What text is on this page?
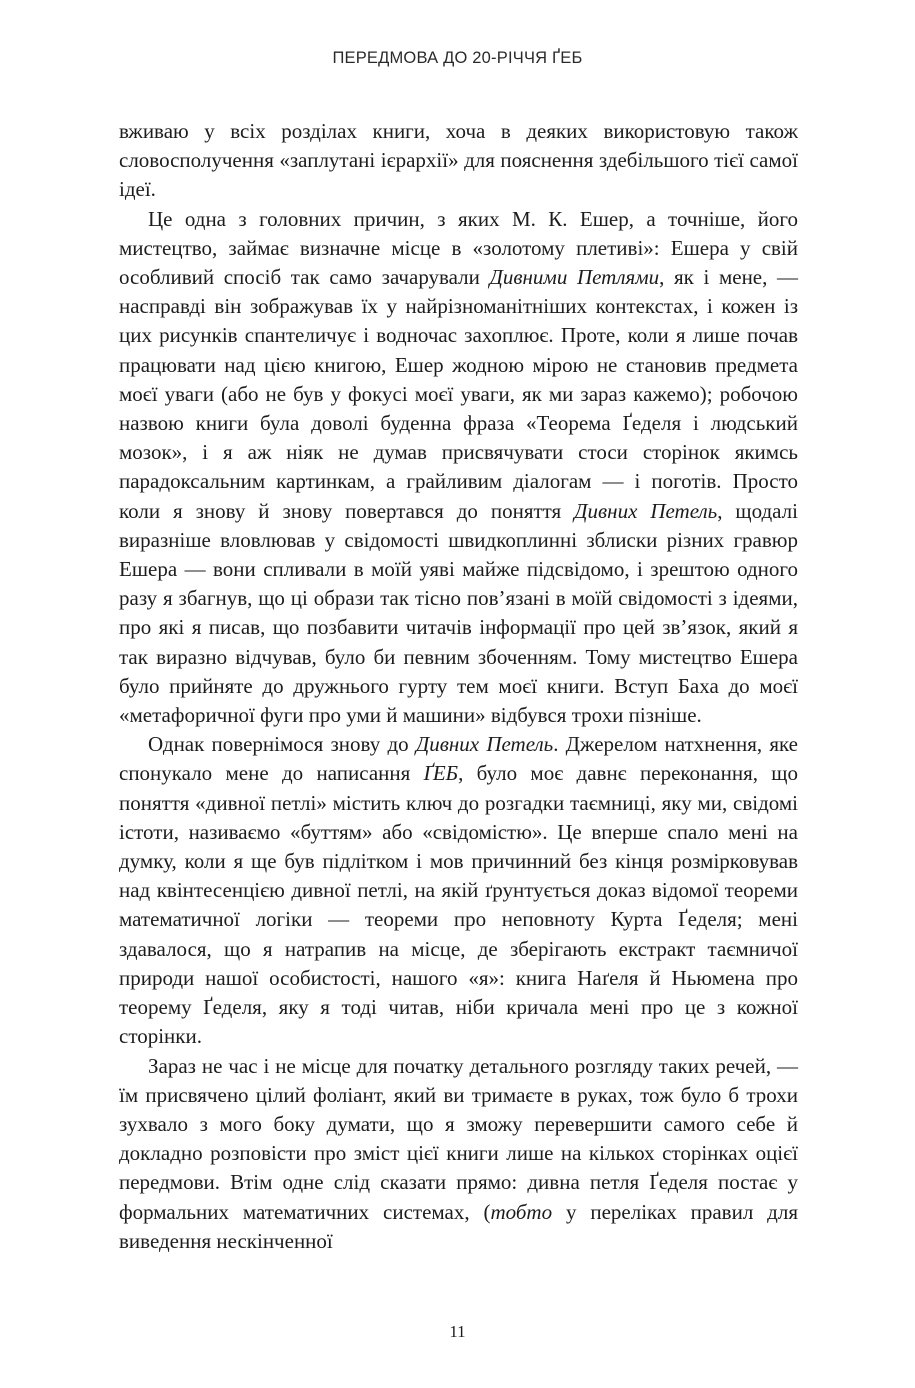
ПЕРЕДМОВА ДО 20-РІЧЧЯ ҐЕБ

вживаю у всіх розділах книги, хоча в деяких використовую також словосполучення «заплутані ієрархії» для пояснення здебільшого тієї самої ідеї.

Це одна з головних причин, з яких М. К. Ешер, а точніше, його мистецтво, займає визначне місце в «золотому плетиві»: Ешера у свій особливий спосіб так само зачарували Дивними Петлями, як і мене, — насправді він зображував їх у найрізноманітніших контекстах, і кожен із цих рисунків спантеличує і водночас захоплює. Проте, коли я лише почав працювати над цією книгою, Ешер жодною мірою не становив предмета моєї уваги (або не був у фокусі моєї уваги, як ми зараз кажемо); робочою назвою книги була доволі буденна фраза «Теорема Ґеделя і людський мозок», і я аж ніяк не думав присвячувати стоси сторінок якимсь парадоксальним картинкам, а грайливим діалогам — і поготів. Просто коли я знову й знову повертався до поняття Дивних Петель, щодалі виразніше вловлював у свідомості швидкоплинні зблиски різних гравюр Ешера — вони спливали в моїй уяві майже підсвідомо, і зрештою одного разу я збагнув, що ці образи так тісно пов’язані в моїй свідомості з ідеями, про які я писав, що позбавити читачів інформації про цей зв’язок, який я так виразно відчував, було би певним збоченням. Тому мистецтво Ешера було прийняте до дружнього гурту тем моєї книги. Вступ Баха до моєї «метафоричної фуги про уми й машини» відбувся трохи пізніше.

Однак повернімося знову до Дивних Петель. Джерелом натхнення, яке спонукало мене до написання ҐЕБ, було моє давнє переконання, що поняття «дивної петлі» містить ключ до розгадки таємниці, яку ми, свідомі істоти, називаємо «буттям» або «свідомістю». Це вперше спало мені на думку, коли я ще був підлітком і мов причинний без кінця розмірковував над квінтесенцією дивної петлі, на якій ґрунтується доказ відомої теореми математичної логіки — теореми про неповноту Курта Ґеделя; мені здавалося, що я натрапив на місце, де зберігають екстракт таємничої природи нашої особистості, нашого «я»: книга Наґеля й Ньюмена про теорему Ґеделя, яку я тоді читав, ніби кричала мені про це з кожної сторінки.

Зараз не час і не місце для початку детального розгляду таких речей, — їм присвячено цілий фоліант, який ви тримаєте в руках, тож було б трохи зухвало з мого боку думати, що я зможу перевершити самого себе й докладно розповісти про зміст цієї книги лише на кількох сторінках оцієї передмови. Втім одне слід сказати прямо: дивна петля Ґеделя постає у формальних математичних системах, (тобто у переліках правил для виведення нескінченної

11
